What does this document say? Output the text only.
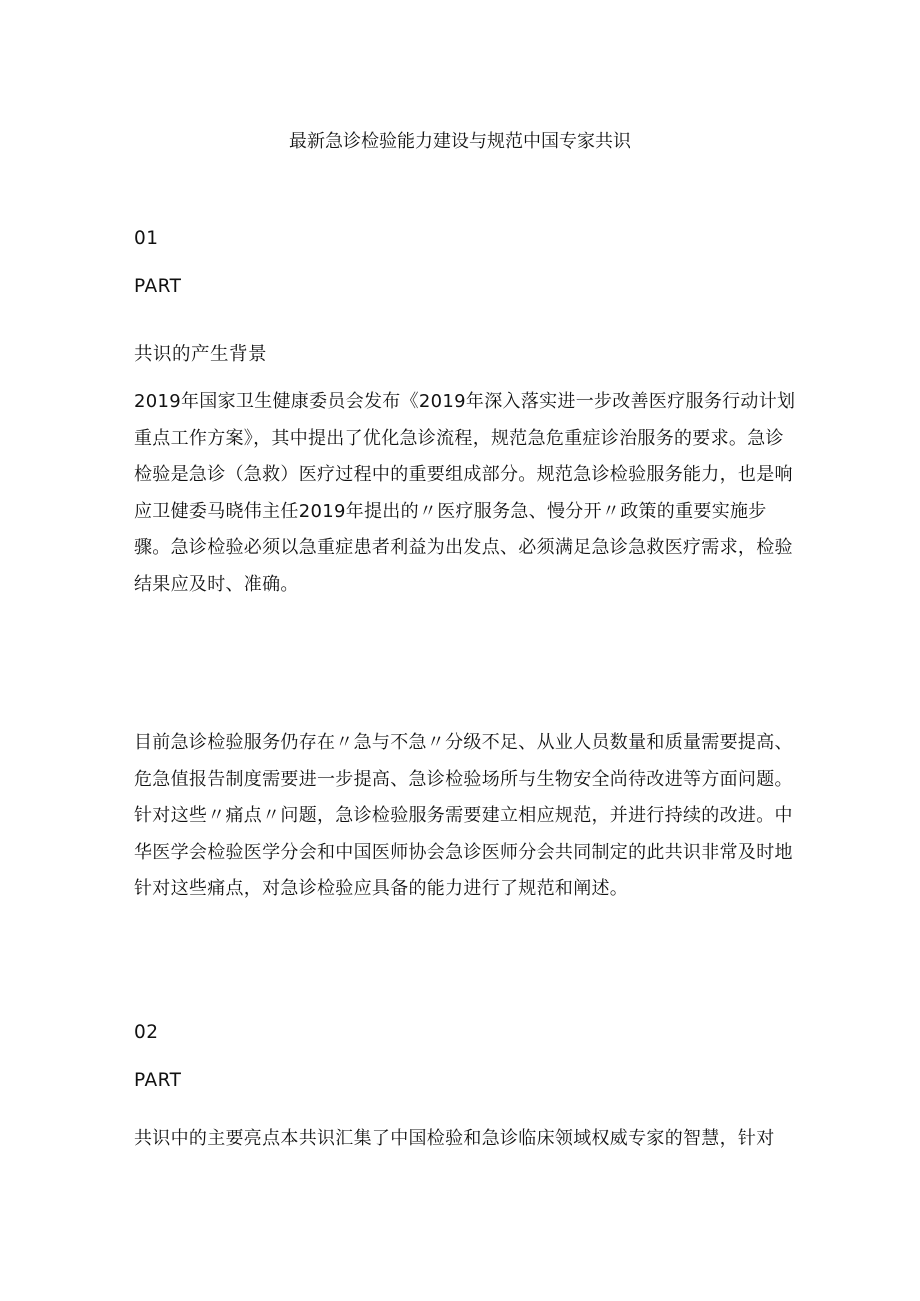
最新急诊检验能力建设与规范中国专家共识
01
PART
共识的产生背景

2019年国家卫生健康委员会发布《2019年深入落实进一步改善医疗服务行动计划重点工作方案》，其中提出了优化急诊流程，规范急危重症诊治服务的要求。急诊检验是急诊（急救）医疗过程中的重要组成部分。规范急诊检验服务能力，也是响应卫健委马晓伟主任2019年提出的〃医疗服务急、慢分开〃政策的重要实施步骤。急诊检验必须以急重症患者利益为出发点、必须满足急诊急救医疗需求，检验结果应及时、准确。

目前急诊检验服务仍存在〃急与不急〃分级不足、从业人员数量和质量需要提高、危急值报告制度需要进一步提高、急诊检验场所与生物安全尚待改进等方面问题。针对这些〃痛点〃问题，急诊检验服务需要建立相应规范，并进行持续的改进。中华医学会检验医学分会和中国医师协会急诊医师分会共同制定的此共识非常及时地针对这些痛点，对急诊检验应具备的能力进行了规范和阐述。

02
PART

共识中的主要亮点本共识汇集了中国检验和急诊临床领域权威专家的智慧，针对
